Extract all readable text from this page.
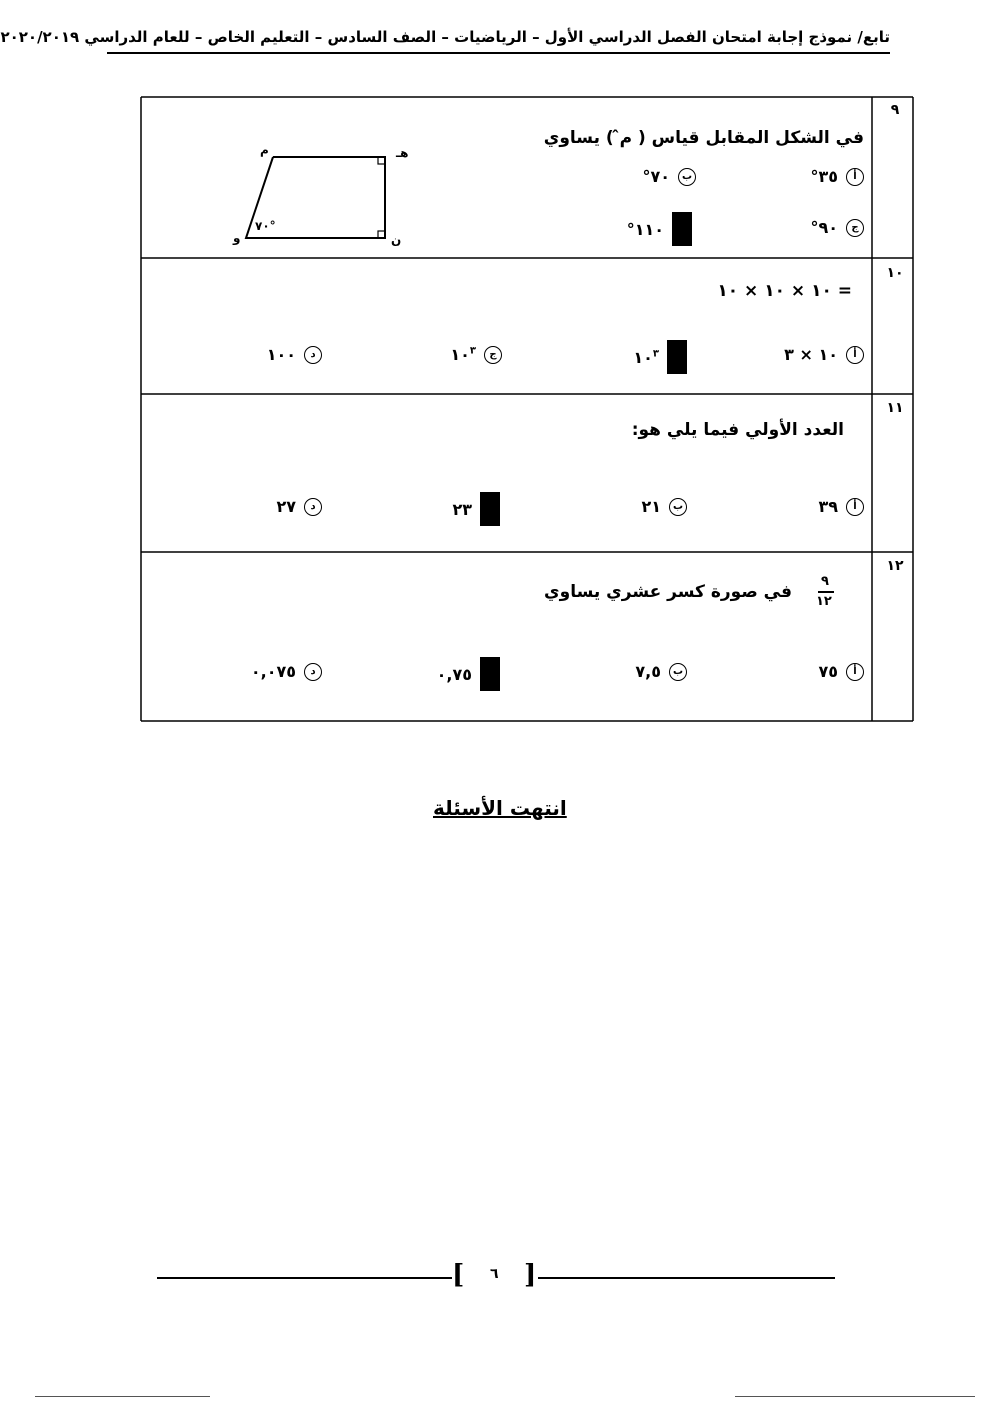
تابع/ نموذج إجابة امتحان الفصل الدراسي الأول – الرياضيات – الصف السادس – التعليم الخاص – للعام الدراسي ٢٠٢٠/٢٠١٩
٩
في الشكل المقابل قياس ( م̂ ) يساوي
م	هـ
و	ن
٧٠°
أ
٣٥°
ب
٧٠°
ج
٩٠°
١١٠°
١٠
١٠ × ١٠ × ١٠ =
أ
١٠ × ٣
$١٠^٣$
ج
$١٠^٣$
د
١٠٠
١١
العدد الأولي فيما يلي هو:
أ
٣٩
ب
٢١
٢٣
د
٢٧
١٢
٩
١٢
في صورة كسر عشري يساوي
أ
٧٥
ب
٧,٥
٠,٧٥
د
٠,٠٧٥
انتهت الأسئلة
[ ٦ ]
